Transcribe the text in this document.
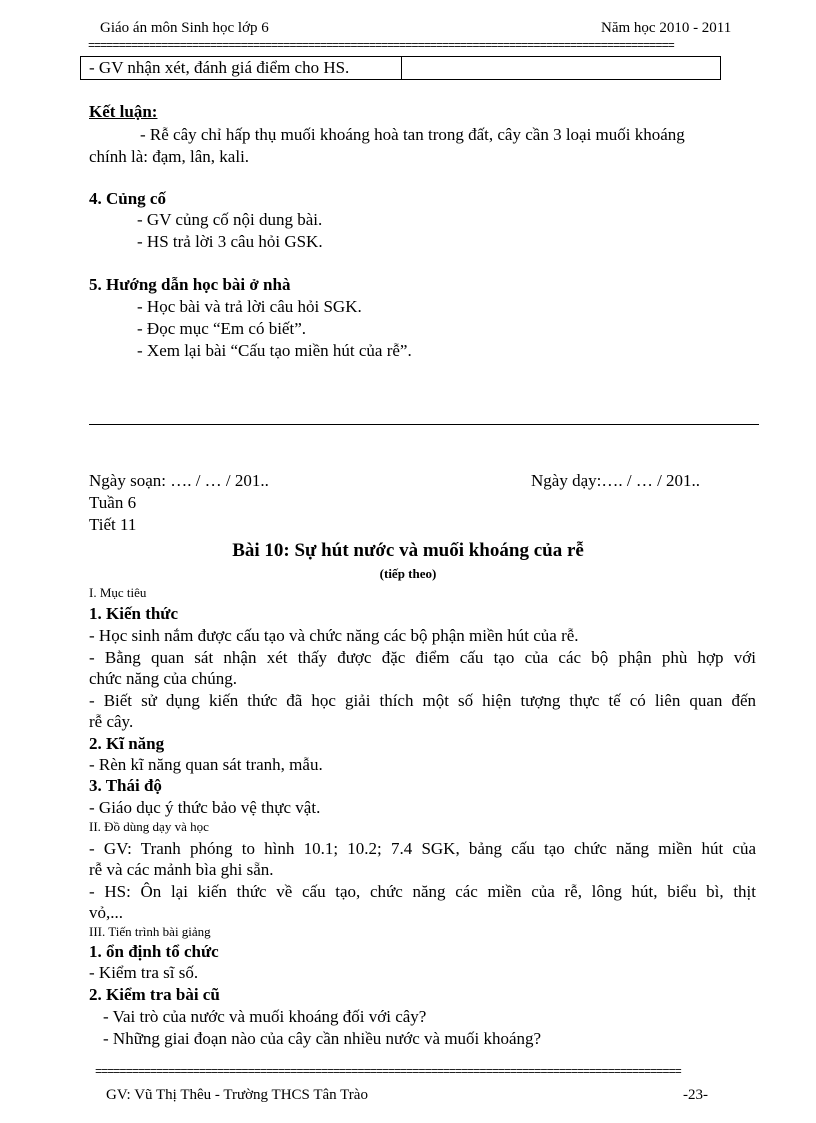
Giáo án môn Sinh học lớp 6	Năm học 2010 - 2011
================================================================================================
- GV nhận xét, đánh giá điểm cho HS.
Kết luận:
- Rễ cây chỉ hấp thụ muối khoáng hoà tan trong đất, cây cần 3 loại muối khoáng
chính là: đạm, lân, kali.
4. Củng cố
- GV củng cố nội dung bài.
- HS trả lời 3 câu hỏi GSK.
5. Hướng dẫn học bài ở nhà
- Học bài và trả lời câu hỏi SGK.
- Đọc mục “Em có biết”.
- Xem lại bài “Cấu tạo miền hút của rễ”.
Ngày soạn: …. / … / 201..	Ngày dạy:…. / … / 201..
Tuần 6
Tiết 11
Bài 10: Sự hút nước và muối khoáng của rễ
(tiếp theo)
I. Mục tiêu
1. Kiến thức
- Học sinh nắm được cấu tạo và chức năng các bộ phận miền hút của rễ.
- Bằng quan sát nhận xét thấy được đặc điểm cấu tạo của các bộ phận phù hợp với
chức năng của chúng.
- Biết sử dụng kiến thức đã học giải thích một số hiện tượng thực tế có liên quan đến
rễ cây.
2. Kĩ năng
- Rèn kĩ năng quan sát tranh, mẫu.
3. Thái độ
- Giáo dục ý thức bảo vệ thực vật.
II. Đồ dùng dạy và học
- GV: Tranh phóng to hình 10.1; 10.2; 7.4 SGK, bảng cấu tạo chức năng miền hút của
rễ và các mảnh bìa ghi sẵn.
- HS: Ôn lại kiến thức về cấu tạo, chức năng các miền của rễ, lông hút, biểu bì, thịt
vỏ,...
III. Tiến trình bài giảng
1. ổn định tổ chức
- Kiểm tra sĩ số.
2. Kiểm tra bài cũ
- Vai trò của nước và muối khoáng đối với cây?
- Những giai đoạn nào của cây cần nhiều nước và muối khoáng?
================================================================================================
GV: Vũ Thị Thêu - Trường THCS Tân Trào	-23-
